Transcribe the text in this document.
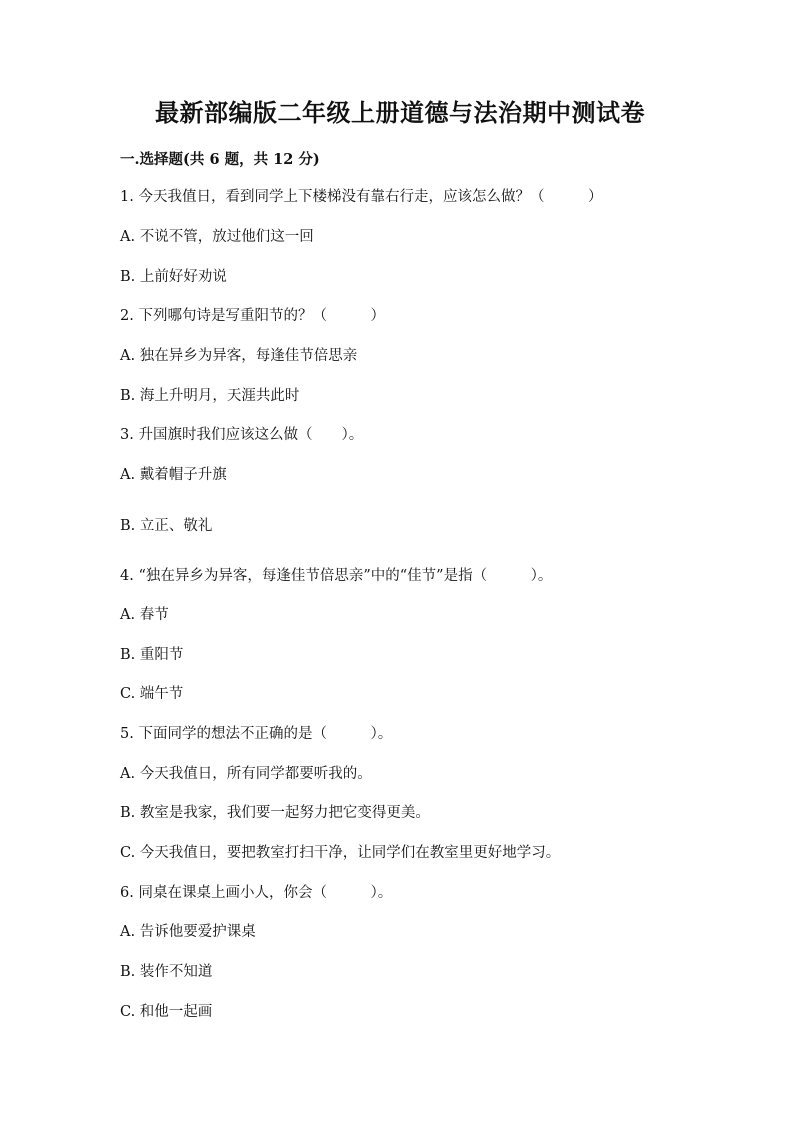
最新部编版二年级上册道德与法治期中测试卷
一.选择题(共 6 题，共 12 分)
1. 今天我值日，看到同学上下楼梯没有靠右行走，应该怎么做？（　　　）
A. 不说不管，放过他们这一回
B. 上前好好劝说
2. 下列哪句诗是写重阳节的？（　　　）
A. 独在异乡为异客，每逢佳节倍思亲
B. 海上升明月，天涯共此时
3. 升国旗时我们应该这么做（　　）。
A. 戴着帽子升旗
B. 立正、敬礼
4. “独在异乡为异客，每逢佳节倍思亲”中的“佳节”是指（　　　）。
A. 春节
B. 重阳节
C. 端午节
5. 下面同学的想法不正确的是（　　　）。
A. 今天我值日，所有同学都要听我的。
B. 教室是我家，我们要一起努力把它变得更美。
C. 今天我值日，要把教室打扫干净，让同学们在教室里更好地学习。
6. 同桌在课桌上画小人，你会（　　　）。
A. 告诉他要爱护课桌
B. 装作不知道
C. 和他一起画
